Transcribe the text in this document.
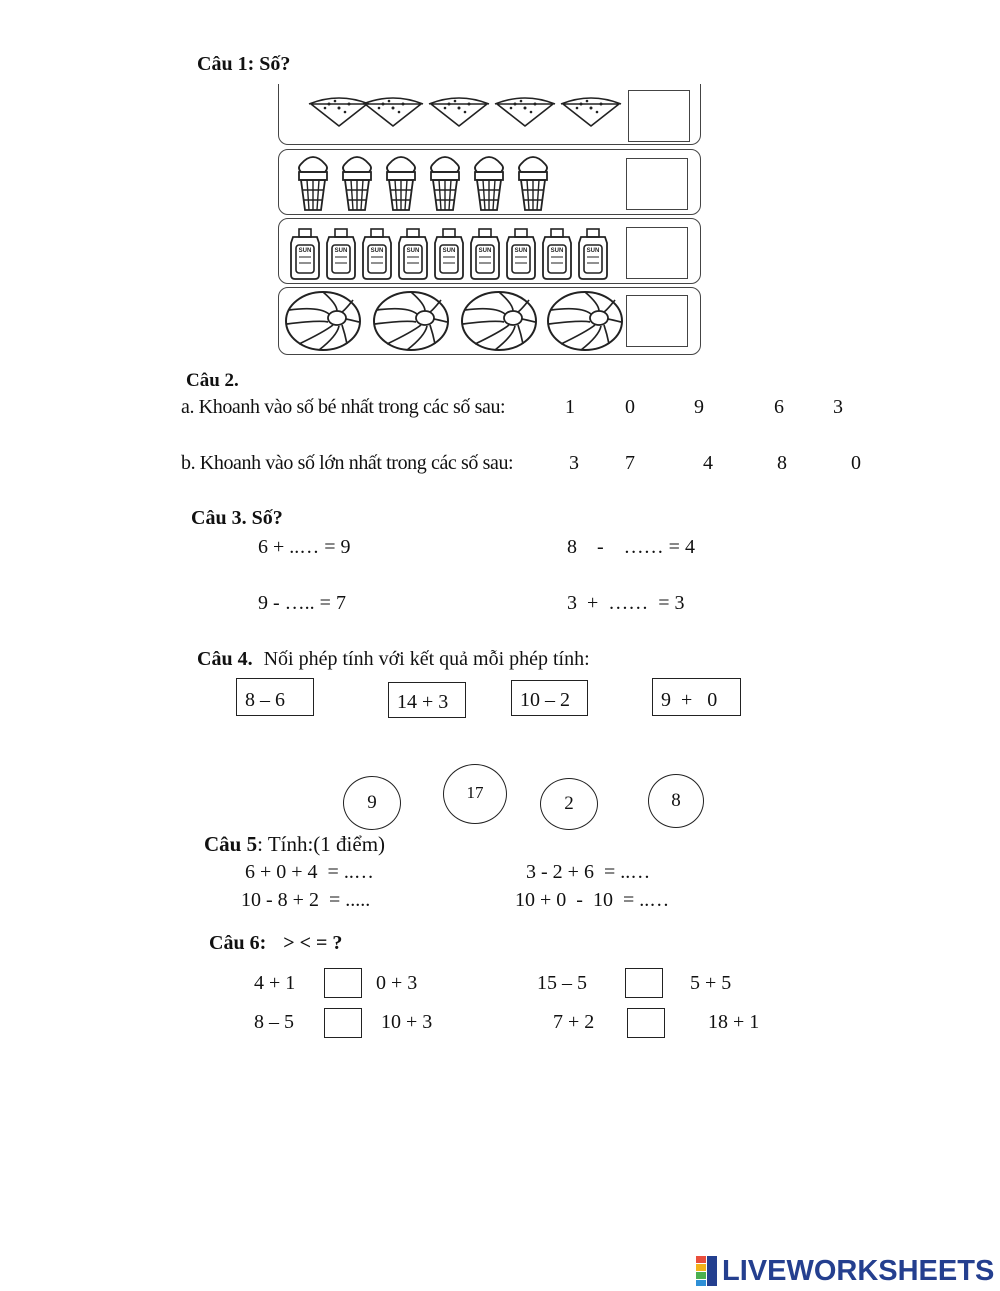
Câu 1: Số?
SUN
Câu 2.
a. Khoanh vào số bé nhất trong các số sau:	1	0	9	6 3
b. Khoanh vào số lớn nhất trong các số sau:	3 7	4	8	0
Câu 3. Số?
6 + ..… = 9	8    -    …… = 4
9 - ….. = 7	3  +  ……  = 3
Câu 4. Nối phép tính với kết quả mỗi phép tính:
8 – 6	14 + 3	10 – 2	9  +   0
9	17
2	8
Câu 5: Tính:(1 điểm)
6 + 0 + 4  = ..…	3 - 2 + 6  = ..…
10 - 8 + 2  = .....	10 + 0  -  10  = ..…
Câu 6: > < = ?
4 + 1	0 + 3	15 – 5	5 + 5
8 – 5	10 + 3	7 + 2	18 + 1
LIVEWORKSHEETS
